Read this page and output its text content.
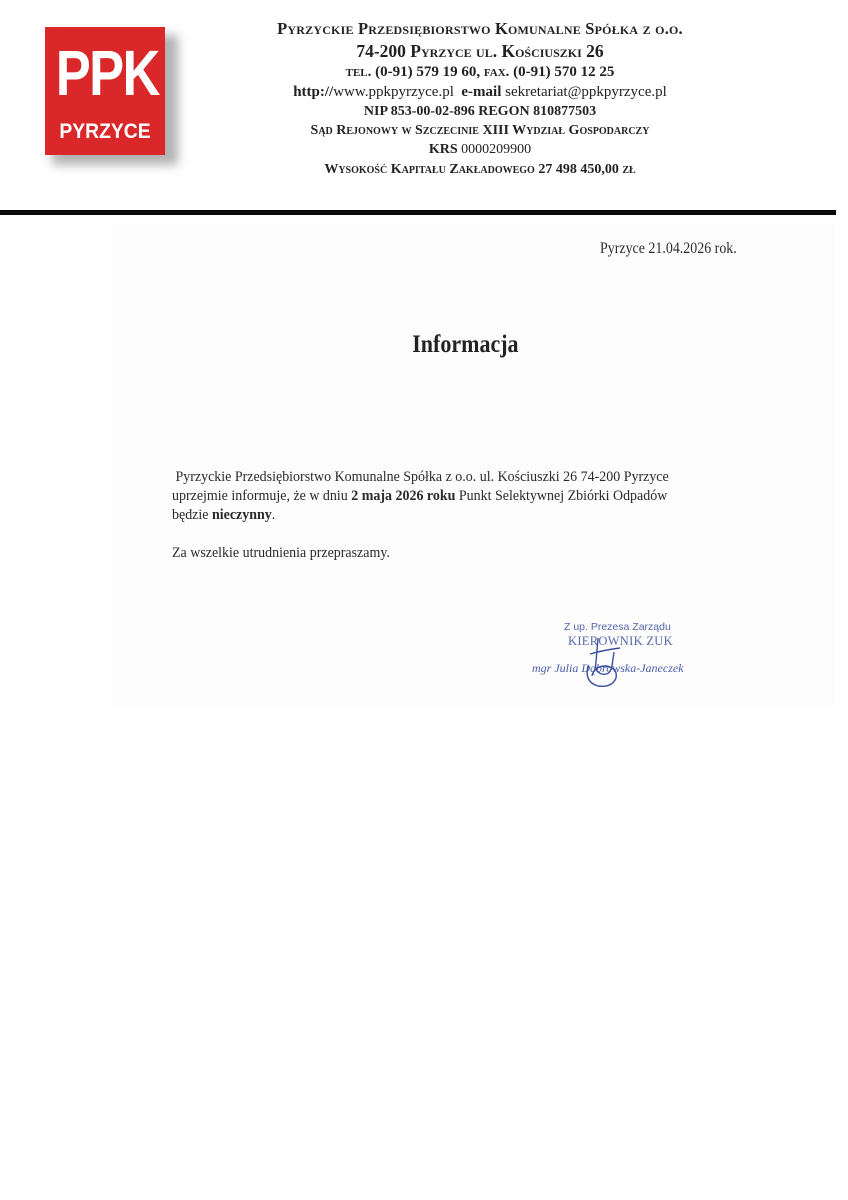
PPK
PYRZYCE
Pyrzyckie Przedsiębiorstwo Komunalne Spółka z o.o.
74-200 Pyrzyce ul. Kościuszki 26
tel. (0-91) 579 19 60, fax. (0-91) 570 12 25
http://www.ppkpyrzyce.pl e-mail sekretariat@ppkpyrzyce.pl
NIP 853-00-02-896 REGON 810877503
Sąd Rejonowy w Szczecinie XIII Wydział Gospodarczy
KRS 0000209900
Wysokość Kapitału Zakładowego 27 498 450,00 zł
Pyrzyce 21.04.2026 rok.
Informacja

Pyrzyckie Przedsiębiorstwo Komunalne Spółka z o.o. ul. Kościuszki 26 74-200 Pyrzyce

uprzejmie informuje, że w dniu 2 maja 2026 roku Punkt Selektywnej Zbiórki Odpadów

będzie nieczynny.

Za wszelkie utrudnienia przepraszamy.

Z up. Prezesa Zarządu
KIEROWNIK ZUK
mgr Julia Dąbrowska-Janeczek
